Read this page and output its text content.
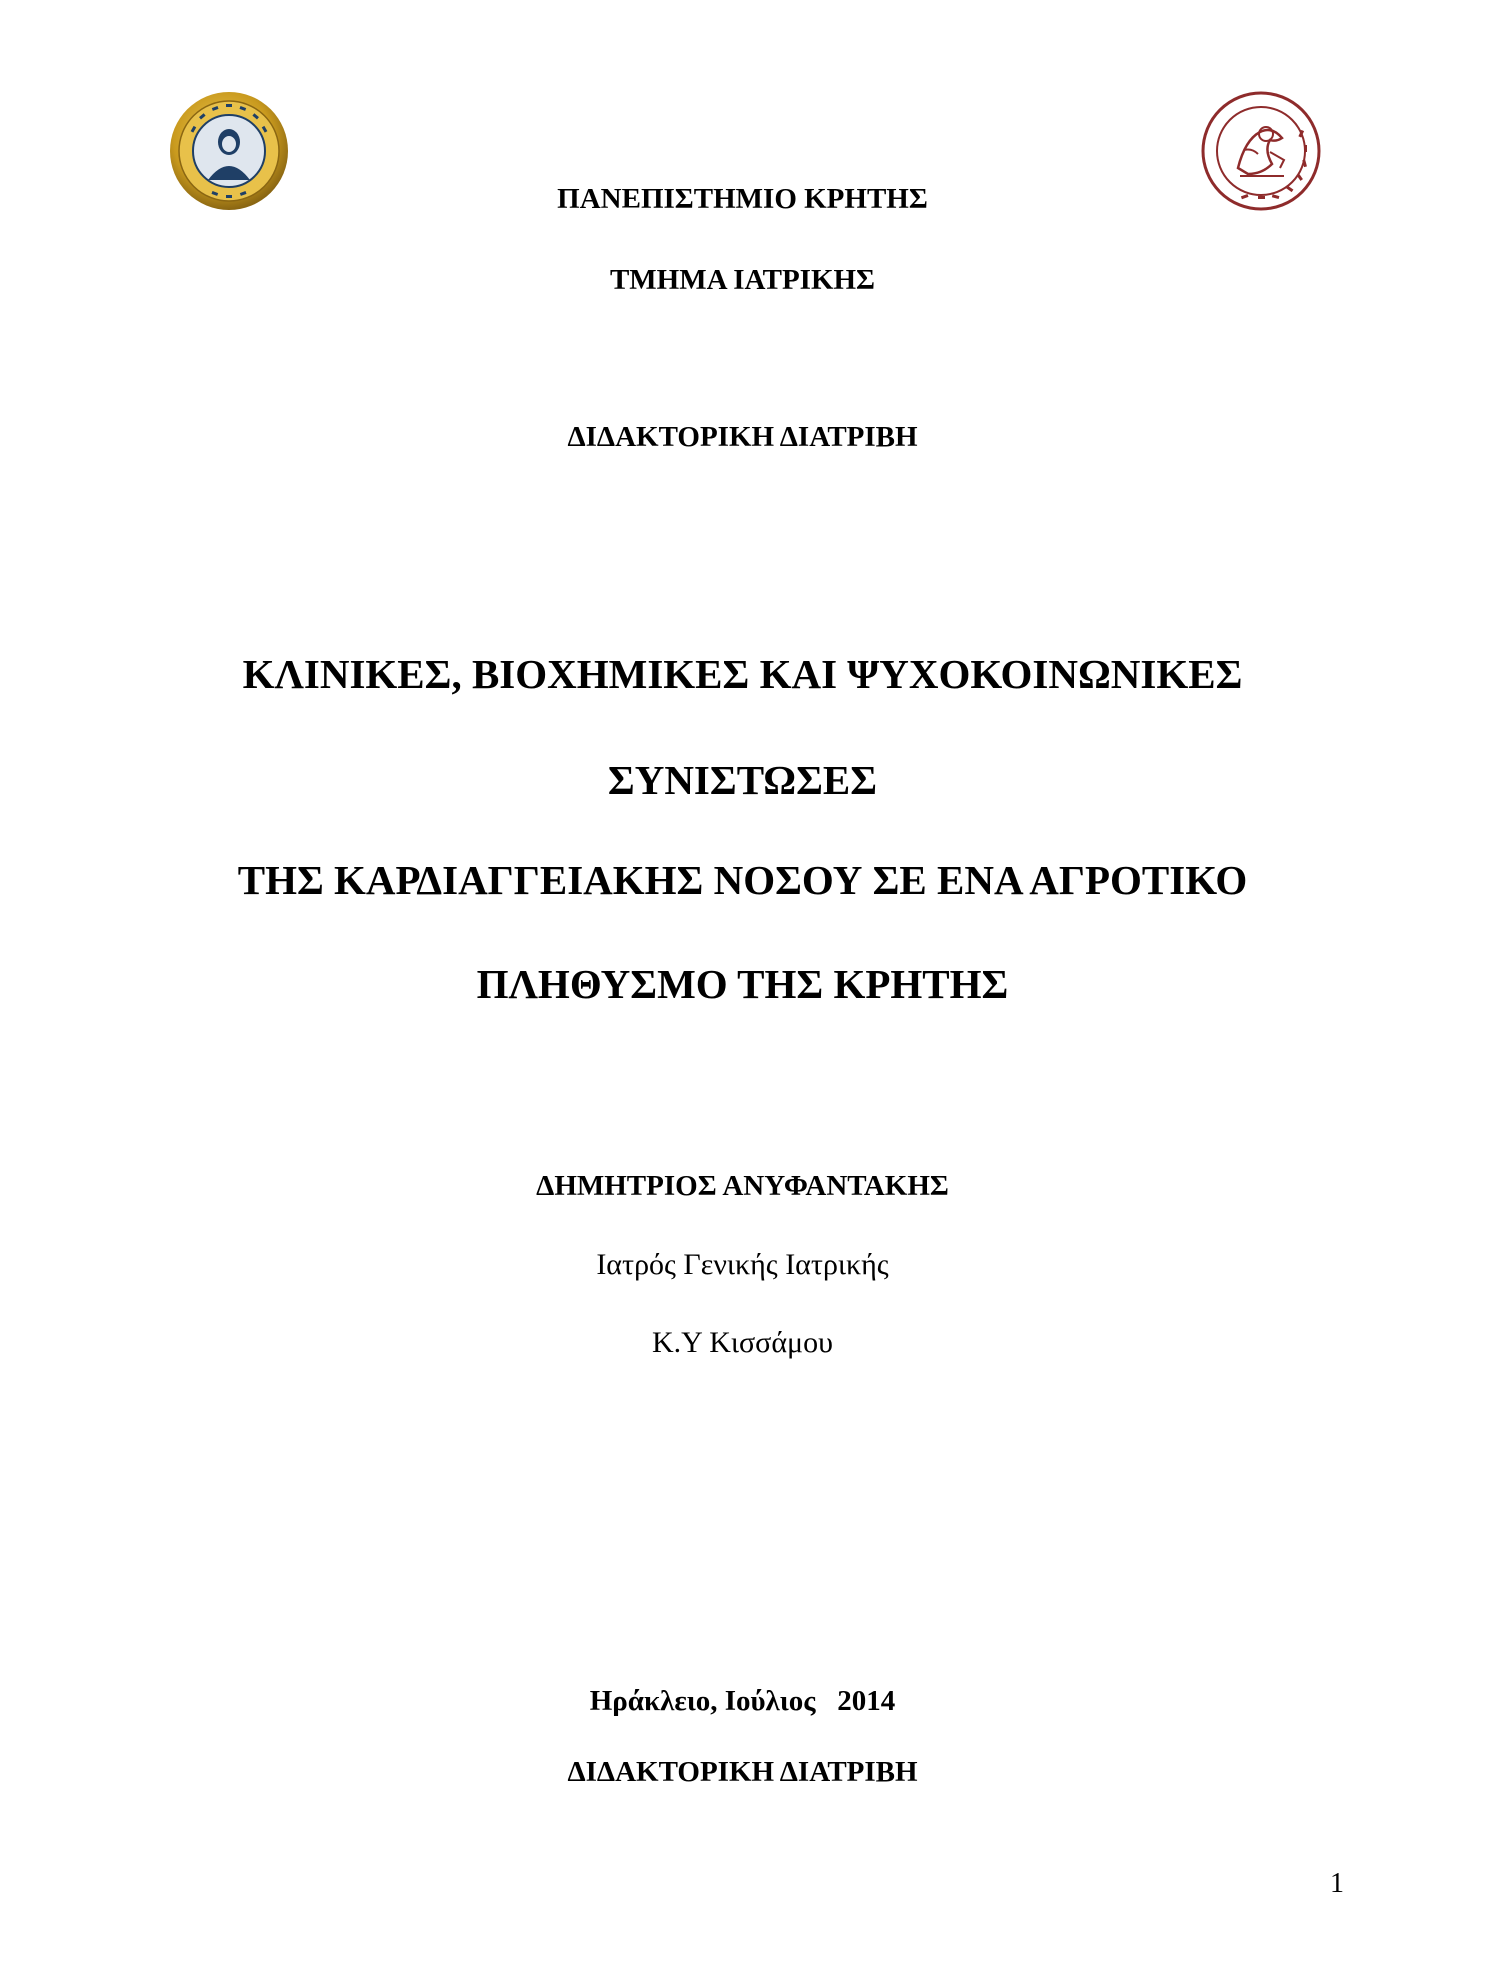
ΠΑΝΕΠΙΣΤΗΜΙΟ ΚΡΗΤΗΣ
ΤΜΗΜΑ ΙΑΤΡΙΚΗΣ
ΔΙΔΑΚΤΟΡΙΚΗ ΔΙΑΤΡΙΒΗ
ΚΛΙΝΙΚΕΣ, ΒΙΟΧΗΜΙΚΕΣ ΚΑΙ ΨΥΧΟΚΟΙΝΩΝΙΚΕΣ
ΣΥΝΙΣΤΩΣΕΣ
ΤΗΣ ΚΑΡΔΙΑΓΓΕΙΑΚΗΣ ΝΟΣΟΥ ΣΕ ΕΝΑ ΑΓΡΟΤΙΚΟ
ΠΛΗΘΥΣΜΟ ΤΗΣ ΚΡΗΤΗΣ
ΔΗΜΗΤΡΙΟΣ ΑΝΥΦΑΝΤΑΚΗΣ
Ιατρός Γενικής Ιατρικής
Κ.Υ Κισσάμου
Ηράκλειο, Ιούλιος   2014
ΔΙΔΑΚΤΟΡΙΚΗ ΔΙΑΤΡΙΒΗ
1
